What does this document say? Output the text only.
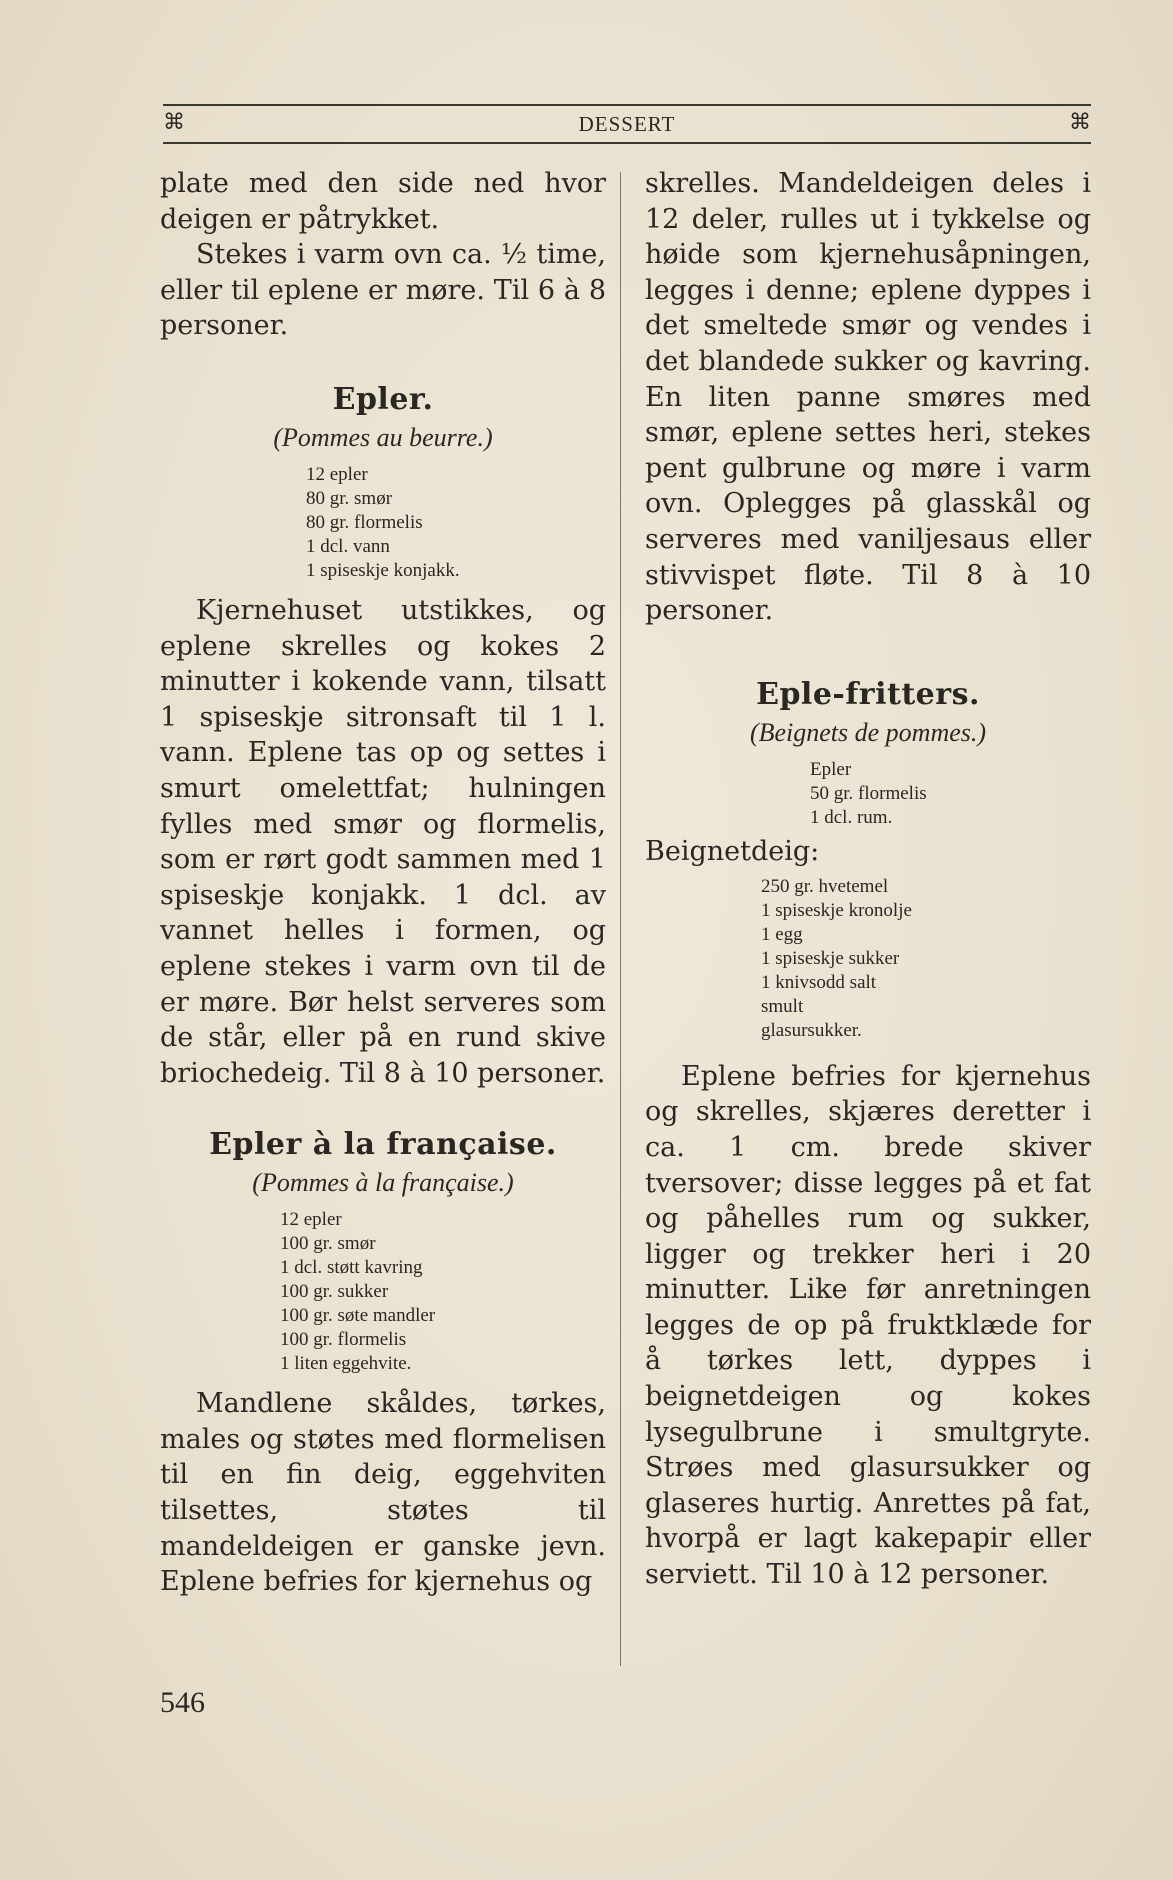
⌘	DESSERT	⌘

plate med den side ned hvor deigen er påtrykket.

Stekes i varm ovn ca. ½ time, eller til eplene er møre. Til 6 à 8 personer.

Epler.
(Pommes au beurre.)
12 epler
80 gr. smør
80 gr. flormelis
1 dcl. vann
1 spiseskje konjakk.

Kjernehuset utstikkes, og eplene skrelles og kokes 2 minutter i kokende vann, tilsatt 1 spiseskje sitronsaft til 1 l. vann. Eplene tas op og settes i smurt omelettfat; hulningen fylles med smør og flormelis, som er rørt godt sammen med 1 spiseskje konjakk. 1 dcl. av vannet helles i formen, og eplene stekes i varm ovn til de er møre. Bør helst serveres som de står, eller på en rund skive briochedeig. Til 8 à 10 personer.

Epler à la française.
(Pommes à la française.)
12 epler
100 gr. smør
1 dcl. støtt kavring
100 gr. sukker
100 gr. søte mandler
100 gr. flormelis
1 liten eggehvite.

Mandlene skåldes, tørkes, males og støtes med flormelisen til en fin deig, eggehviten tilsettes, støtes til mandeldeigen er ganske jevn. Eplene befries for kjernehus og

skrelles. Mandeldeigen deles i 12 deler, rulles ut i tykkelse og høide som kjernehusåpningen, legges i denne; eplene dyppes i det smeltede smør og vendes i det blandede sukker og kavring. En liten panne smøres med smør, eplene settes heri, stekes pent gulbrune og møre i varm ovn. Oplegges på glasskål og serveres med vaniljesaus eller stivvispet fløte. Til 8 à 10 personer.

Eple-fritters.
(Beignets de pommes.)
Epler
50 gr. flormelis
1 dcl. rum.

Beignetdeig:

250 gr. hvetemel
1 spiseskje kronolje
1 egg
1 spiseskje sukker
1 knivsodd salt
smult
glasursukker.

Eplene befries for kjernehus og skrelles, skjæres deretter i ca. 1 cm. brede skiver tversover; disse legges på et fat og påhelles rum og sukker, ligger og trekker heri i 20 minutter. Like før anretningen legges de op på fruktklæde for å tørkes lett, dyppes i beignetdeigen og kokes lysegulbrune i smultgryte. Strøes med glasursukker og glaseres hurtig. Anrettes på fat, hvorpå er lagt kakepapir eller serviett. Til 10 à 12 personer.

546
